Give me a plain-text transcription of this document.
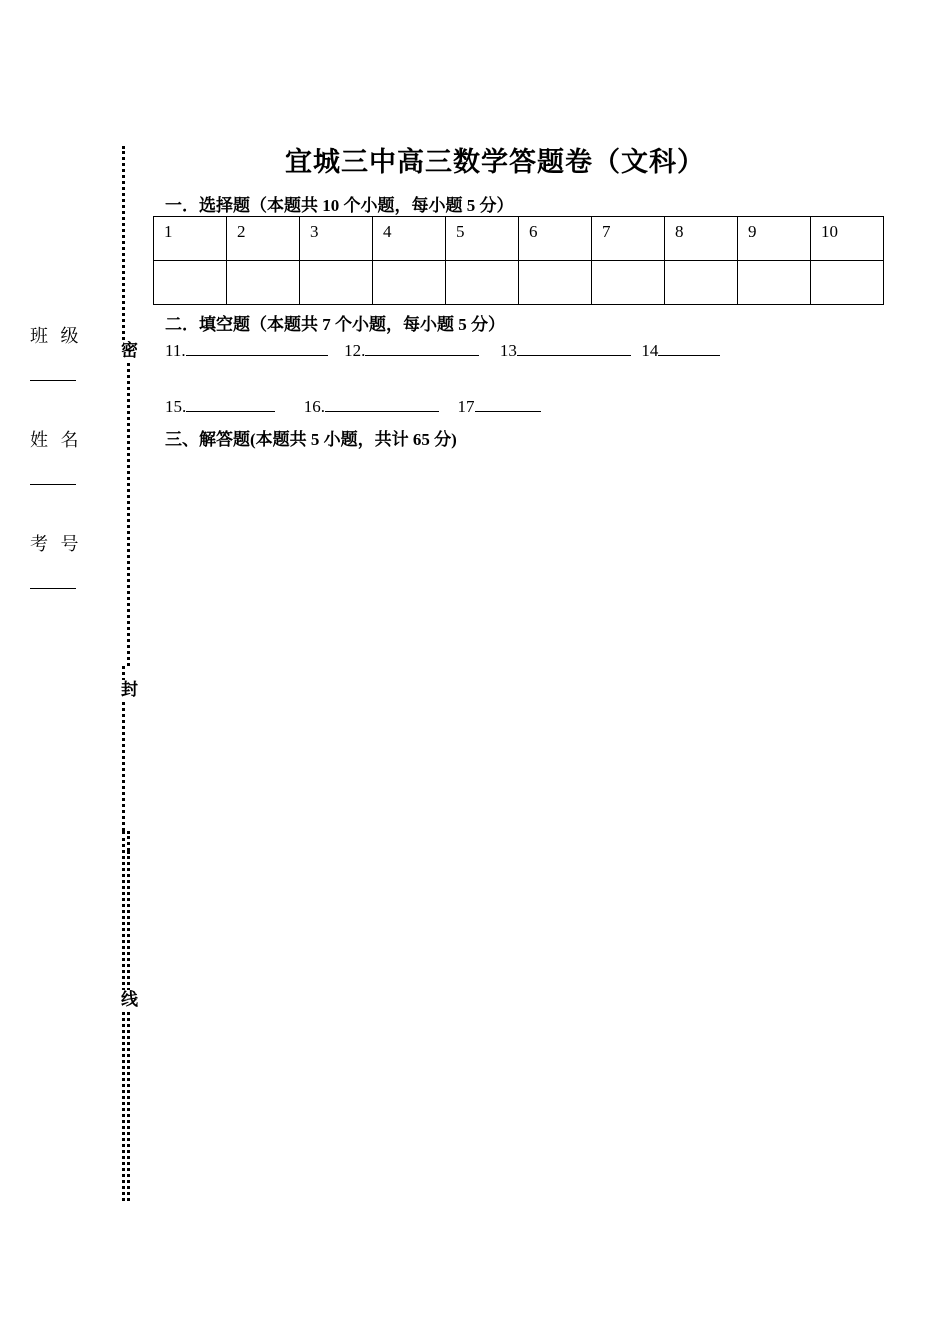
班 级
姓 名
考 号
密
封
线
宜城三中高三数学答题卷（文科）
一．选择题（本题共 10 个小题，每小题 5 分）
1	2	3	4	5	6	7	8	9	10

二．填空题（本题共 7 个小题，每小题 5 分）
11.	12.	13	14
15.	16.	17
三、解答题(本题共 5 小题，共计 65 分)
